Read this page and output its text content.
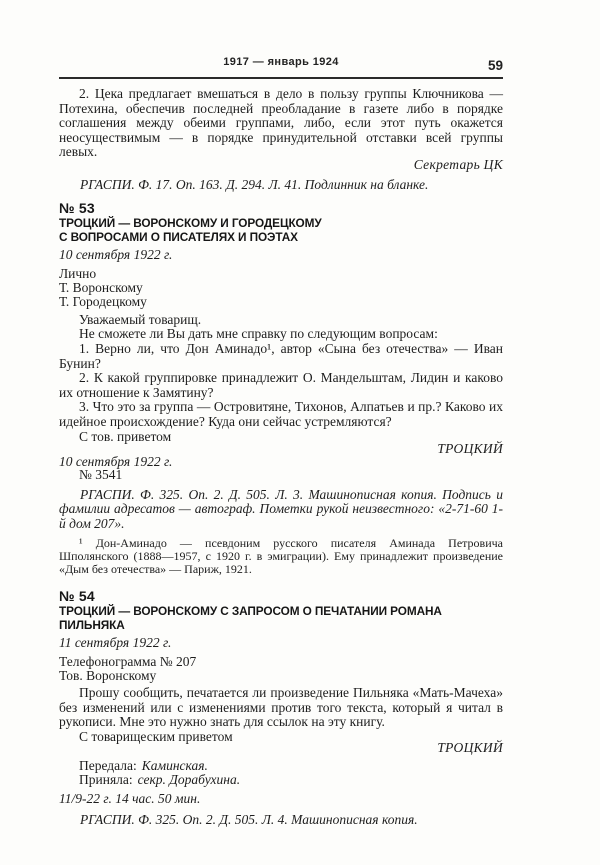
1917 — январь 1924	59

2. Цека предлагает вмешаться в дело в пользу группы Ключникова — Потехина, обеспечив последней преобладание в газете либо в порядке соглашения между обеими группами, либо, если этот путь окажется неосуществимым — в порядке принудительной отставки всей группы левых.

Секретарь ЦК

РГАСПИ. Ф. 17. Оп. 163. Д. 294. Л. 41. Подлинник на бланке.

№ 53
ТРОЦКИЙ — ВОРОНСКОМУ И ГОРОДЕЦКОМУ
С ВОПРОСАМИ О ПИСАТЕЛЯХ И ПОЭТАХ

10 сентября 1922 г.

Лично

Т. Воронскому

Т. Городецкому

Уважаемый товарищ.

Не сможете ли Вы дать мне справку по следующим вопросам:

1. Верно ли, что Дон Аминадо¹, автор «Сына без отечества» — Иван Бунин?

2. К какой группировке принадлежит О. Мандельштам, Лидин и каково их отношение к Замятину?

3. Что это за группа — Островитяне, Тихонов, Алпатьев и пр.? Каково их идейное происхождение? Куда они сейчас устремляются?

С тов. приветом

ТРОЦКИЙ

10 сентября 1922 г.

№ 3541

РГАСПИ. Ф. 325. Оп. 2. Д. 505. Л. 3. Машинописная копия. Подпись и фамилии адресатов — автограф. Пометки рукой неизвестного: «2-71-60 1-й дом 207».

¹ Дон-Аминадо — псевдоним русского писателя Аминада Петровича Шполянского (1888—1957, с 1920 г. в эмиграции). Ему принадлежит произведение «Дым без отечества» — Париж, 1921.

№ 54
ТРОЦКИЙ — ВОРОНСКОМУ С ЗАПРОСОМ О ПЕЧАТАНИИ РОМАНА ПИЛЬНЯКА

11 сентября 1922 г.

Телефонограмма № 207

Тов. Воронскому

Прошу сообщить, печатается ли произведение Пильняка «Мать-Мачеха» без изменений или с изменениями против того текста, который я читал в рукописи. Мне это нужно знать для ссылок на эту книгу.

С товарищеским приветом

ТРОЦКИЙ

Передала: Каминская.

Приняла: секр. Дорабухина.

11/9-22 г. 14 час. 50 мин.

РГАСПИ. Ф. 325. Оп. 2. Д. 505. Л. 4. Машинописная копия.
